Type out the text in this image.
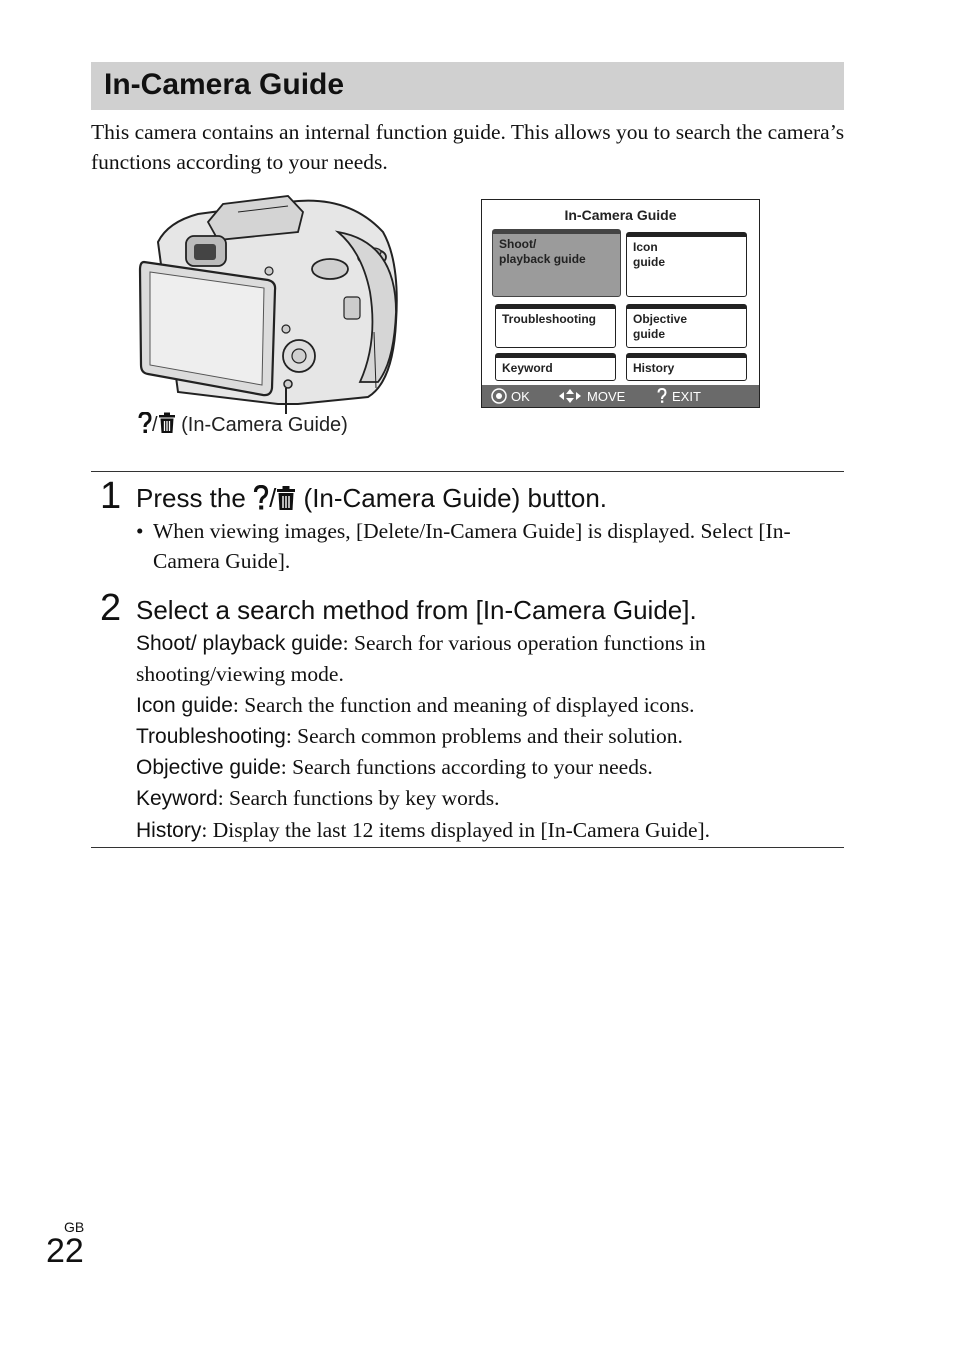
In-Camera Guide

This camera contains an internal function guide. This allows you to search the camera’s functions according to your needs.

/ (In-Camera Guide)
In-Camera Guide
Shoot/
playback guide
Icon
guide
Troubleshooting	Objective
guide
Keyword	History
OK	MOVE	EXIT
1 Press the / (In-Camera Guide) button.
• When viewing images, [Delete/In-Camera Guide] is displayed. Select [In-Camera Guide].
2 Select a search method from [In-Camera Guide].

Shoot/ playback guide: Search for various operation functions in shooting/viewing mode.

Icon guide: Search the function and meaning of displayed icons.

Troubleshooting: Search common problems and their solution.

Objective guide: Search functions according to your needs.

Keyword: Search functions by key words.

History: Display the last 12 items displayed in [In-Camera Guide].

GB
22
